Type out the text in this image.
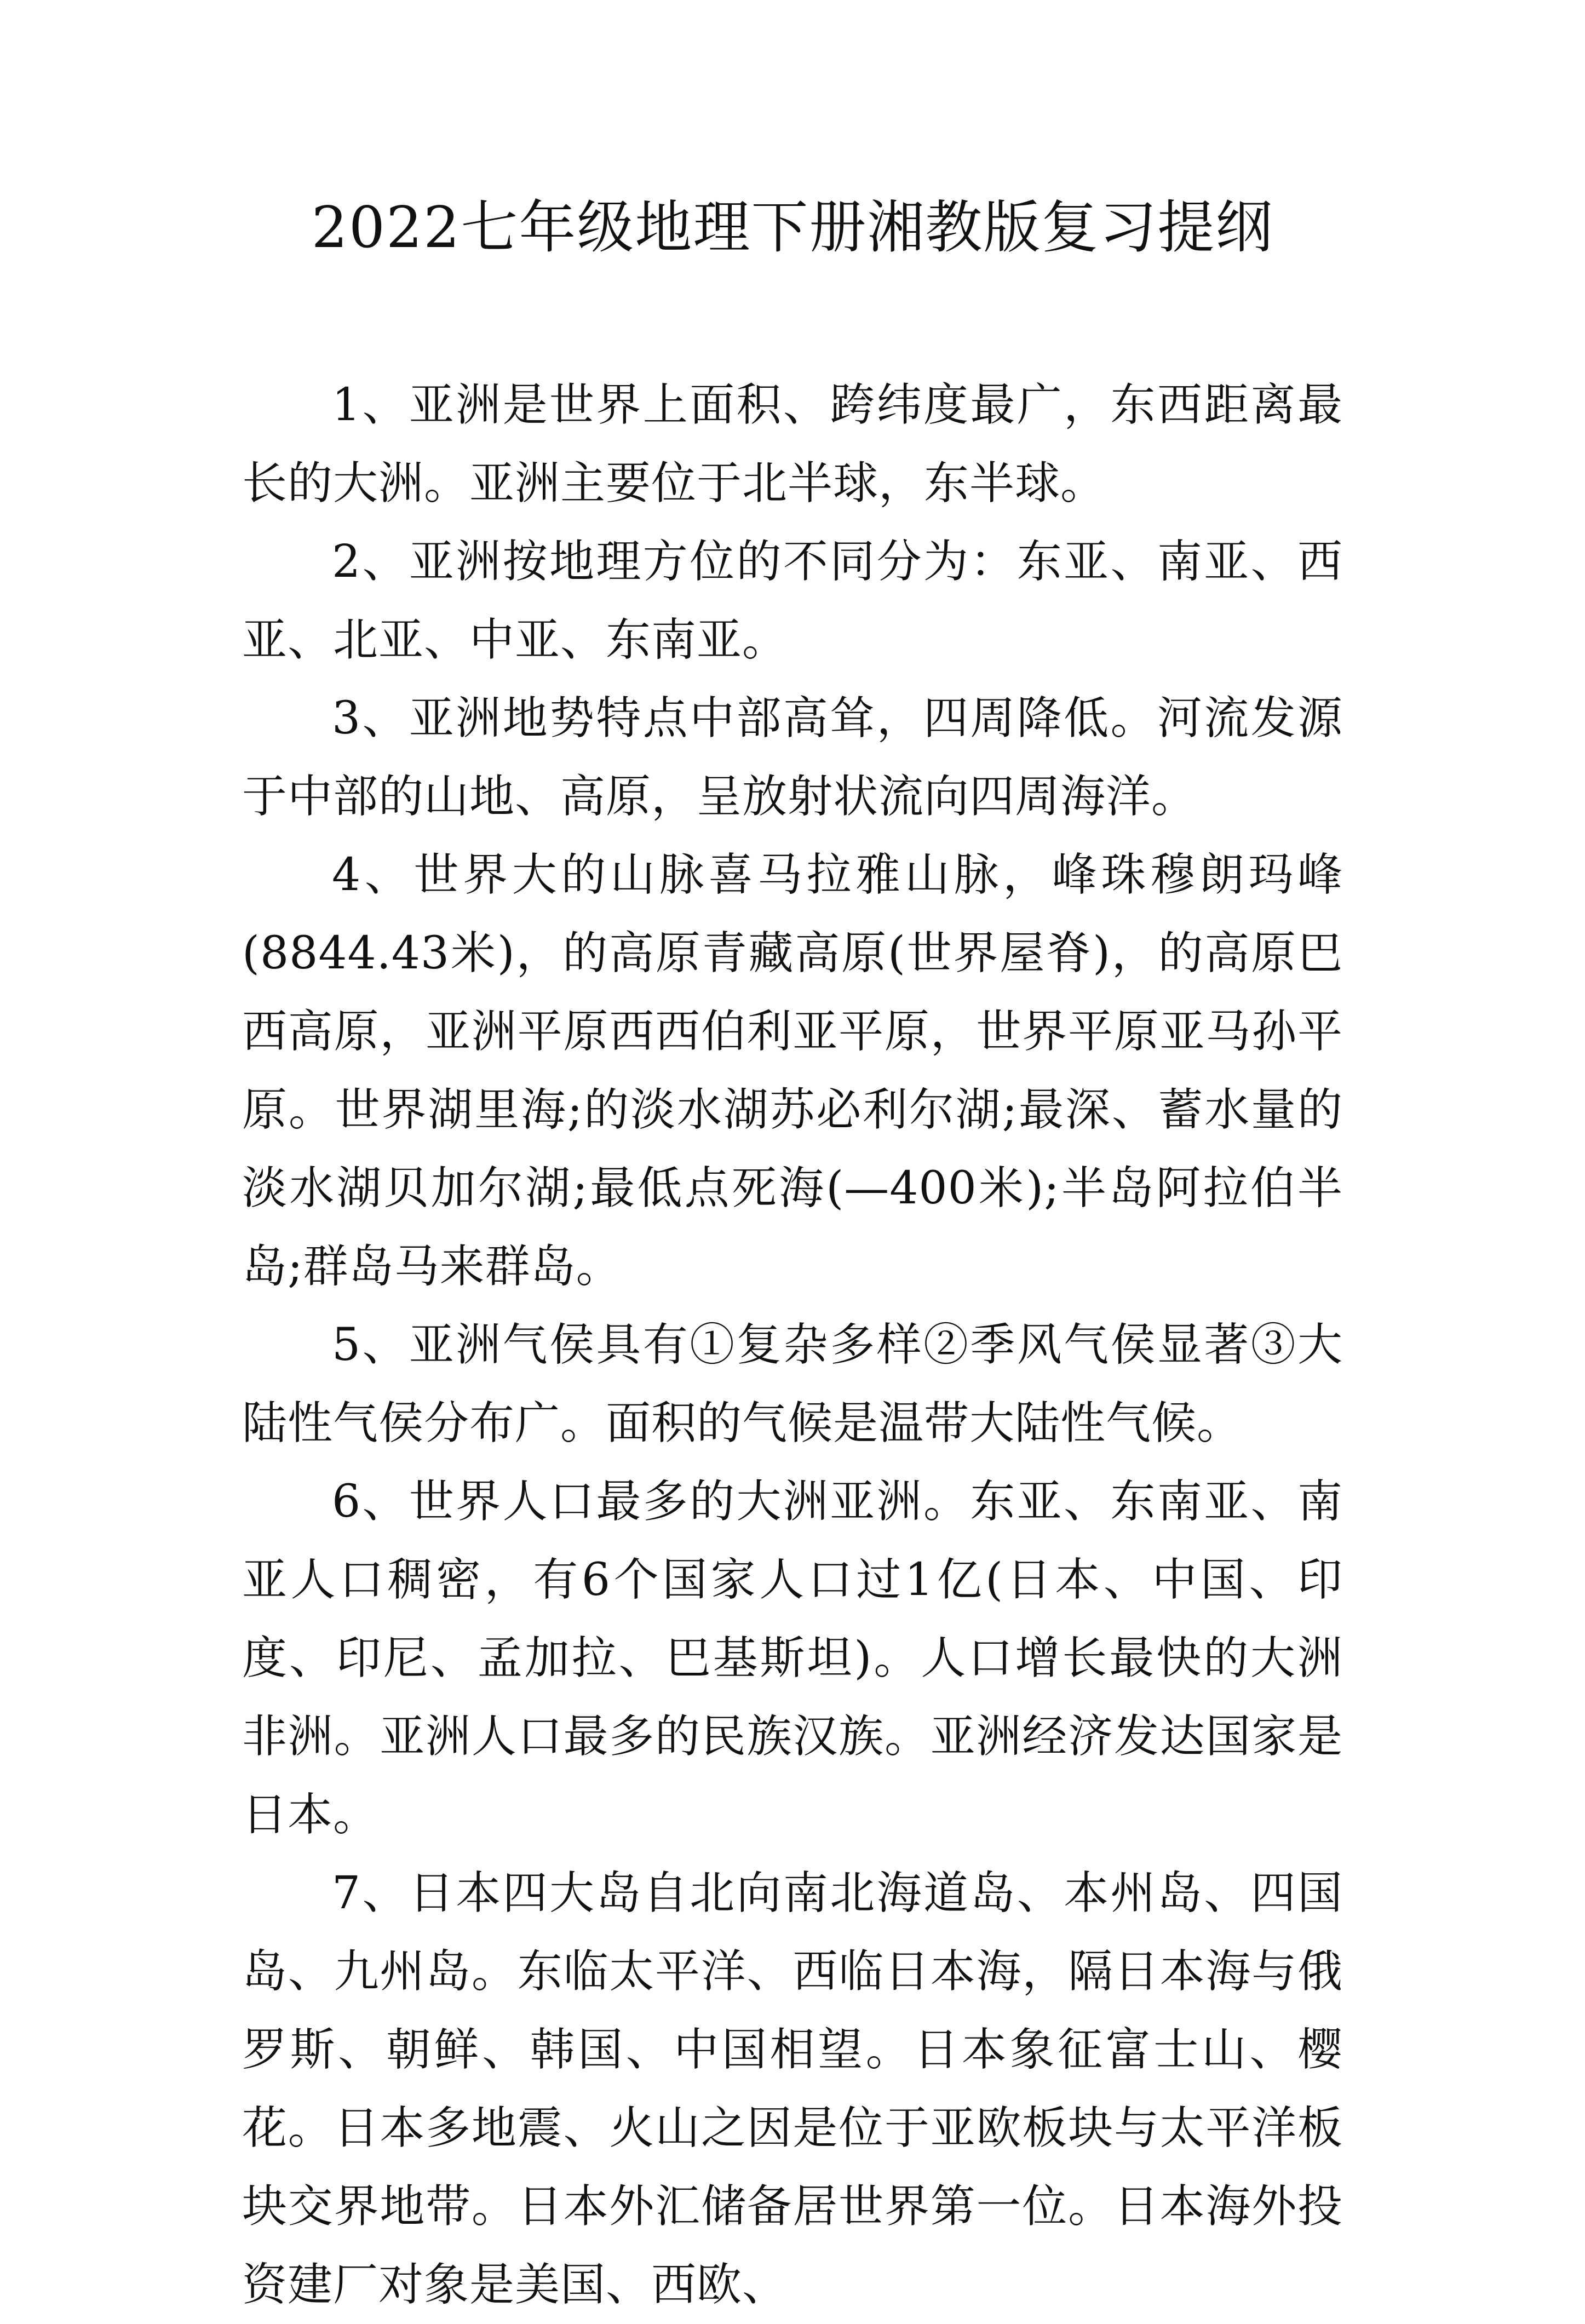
2022七年级地理下册湘教版复习提纲

1、亚洲是世界上面积、跨纬度最广，东西距离最长的大洲。亚洲主要位于北半球，东半球。

2、亚洲按地理方位的不同分为：东亚、南亚、西亚、北亚、中亚、东南亚。

3、亚洲地势特点中部高耸，四周降低。河流发源于中部的山地、高原，呈放射状流向四周海洋。

4、世界大的山脉喜马拉雅山脉，峰珠穆朗玛峰(8844.43米)，的高原青藏高原(世界屋脊)，的高原巴西高原，亚洲平原西西伯利亚平原，世界平原亚马孙平原。世界湖里海;的淡水湖苏必利尔湖;最深、蓄水量的淡水湖贝加尔湖;最低点死海(—400米);半岛阿拉伯半岛;群岛马来群岛。

5、亚洲气侯具有①复杂多样②季风气侯显著③大陆性气侯分布广。面积的气候是温带大陆性气候。

6、世界人口最多的大洲亚洲。东亚、东南亚、南亚人口稠密，有6个国家人口过1亿(日本、中国、印度、印尼、孟加拉、巴基斯坦)。人口增长最快的大洲非洲。亚洲人口最多的民族汉族。亚洲经济发达国家是日本。

7、日本四大岛自北向南北海道岛、本州岛、四国岛、九州岛。东临太平洋、西临日本海，隔日本海与俄罗斯、朝鲜、韩国、中国相望。日本象征富士山、樱花。日本多地震、火山之因是位于亚欧板块与太平洋板块交界地带。日本外汇储备居世界第一位。日本海外投资建厂对象是美国、西欧、
